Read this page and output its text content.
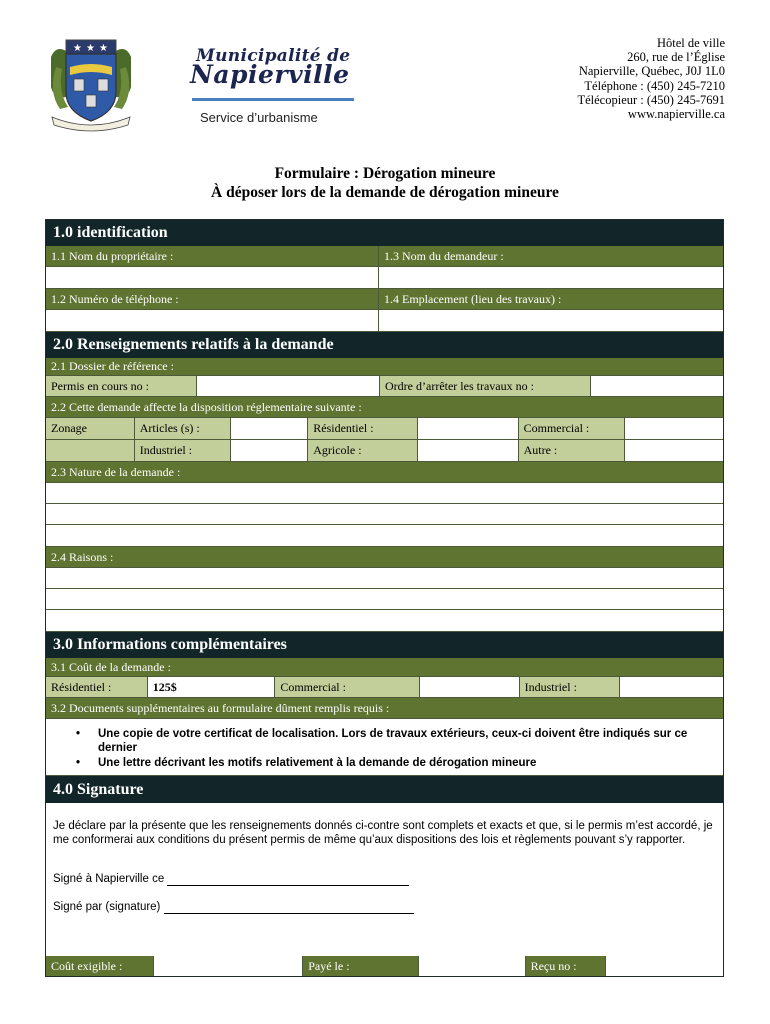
★ ★ ★	Municipalité de
Napierville
Service d’urbanisme
Hôtel de ville
260, rue de l’Église
Napierville, Québec, J0J 1L0
Téléphone : (450) 245-7210
Télécopieur : (450) 245-7691
www.napierville.ca
Formulaire : Dérogation mineure
À déposer lors de la demande de dérogation mineure
1.0 identification
1.1 Nom du propriétaire :	1.3 Nom du demandeur :
1.2 Numéro de téléphone :	1.4 Emplacement (lieu des travaux) :
2.0 Renseignements relatifs à la demande
2.1 Dossier de référence :
Permis en cours no :	Ordre d’arrêter les travaux no :
2.2 Cette demande affecte la disposition réglementaire suivante :
Zonage	Articles (s) :	Résidentiel :	Commercial :
Industriel :	Agricole :	Autre :
2.3 Nature de la demande :
2.4 Raisons :
3.0 Informations complémentaires
3.1 Coût de la demande :
Résidentiel :	125$	Commercial :	Industriel :
3.2 Documents supplémentaires au formulaire dûment remplis requis :
•	Une copie de votre certificat de localisation. Lors de travaux extérieurs, ceux-ci doivent être indiqués sur ce dernier
•	Une lettre décrivant les motifs relativement à la demande de dérogation mineure
4.0 Signature
Je déclare par la présente que les renseignements donnés ci-contre sont complets et exacts et que, si le permis m’est accordé, je me conformerai aux conditions du présent permis de même qu’aux dispositions des lois et règlements pouvant s’y rapporter.
Signé à Napierville ce
Signé par (signature)
Coût exigible :	Payé le :	Reçu no :
